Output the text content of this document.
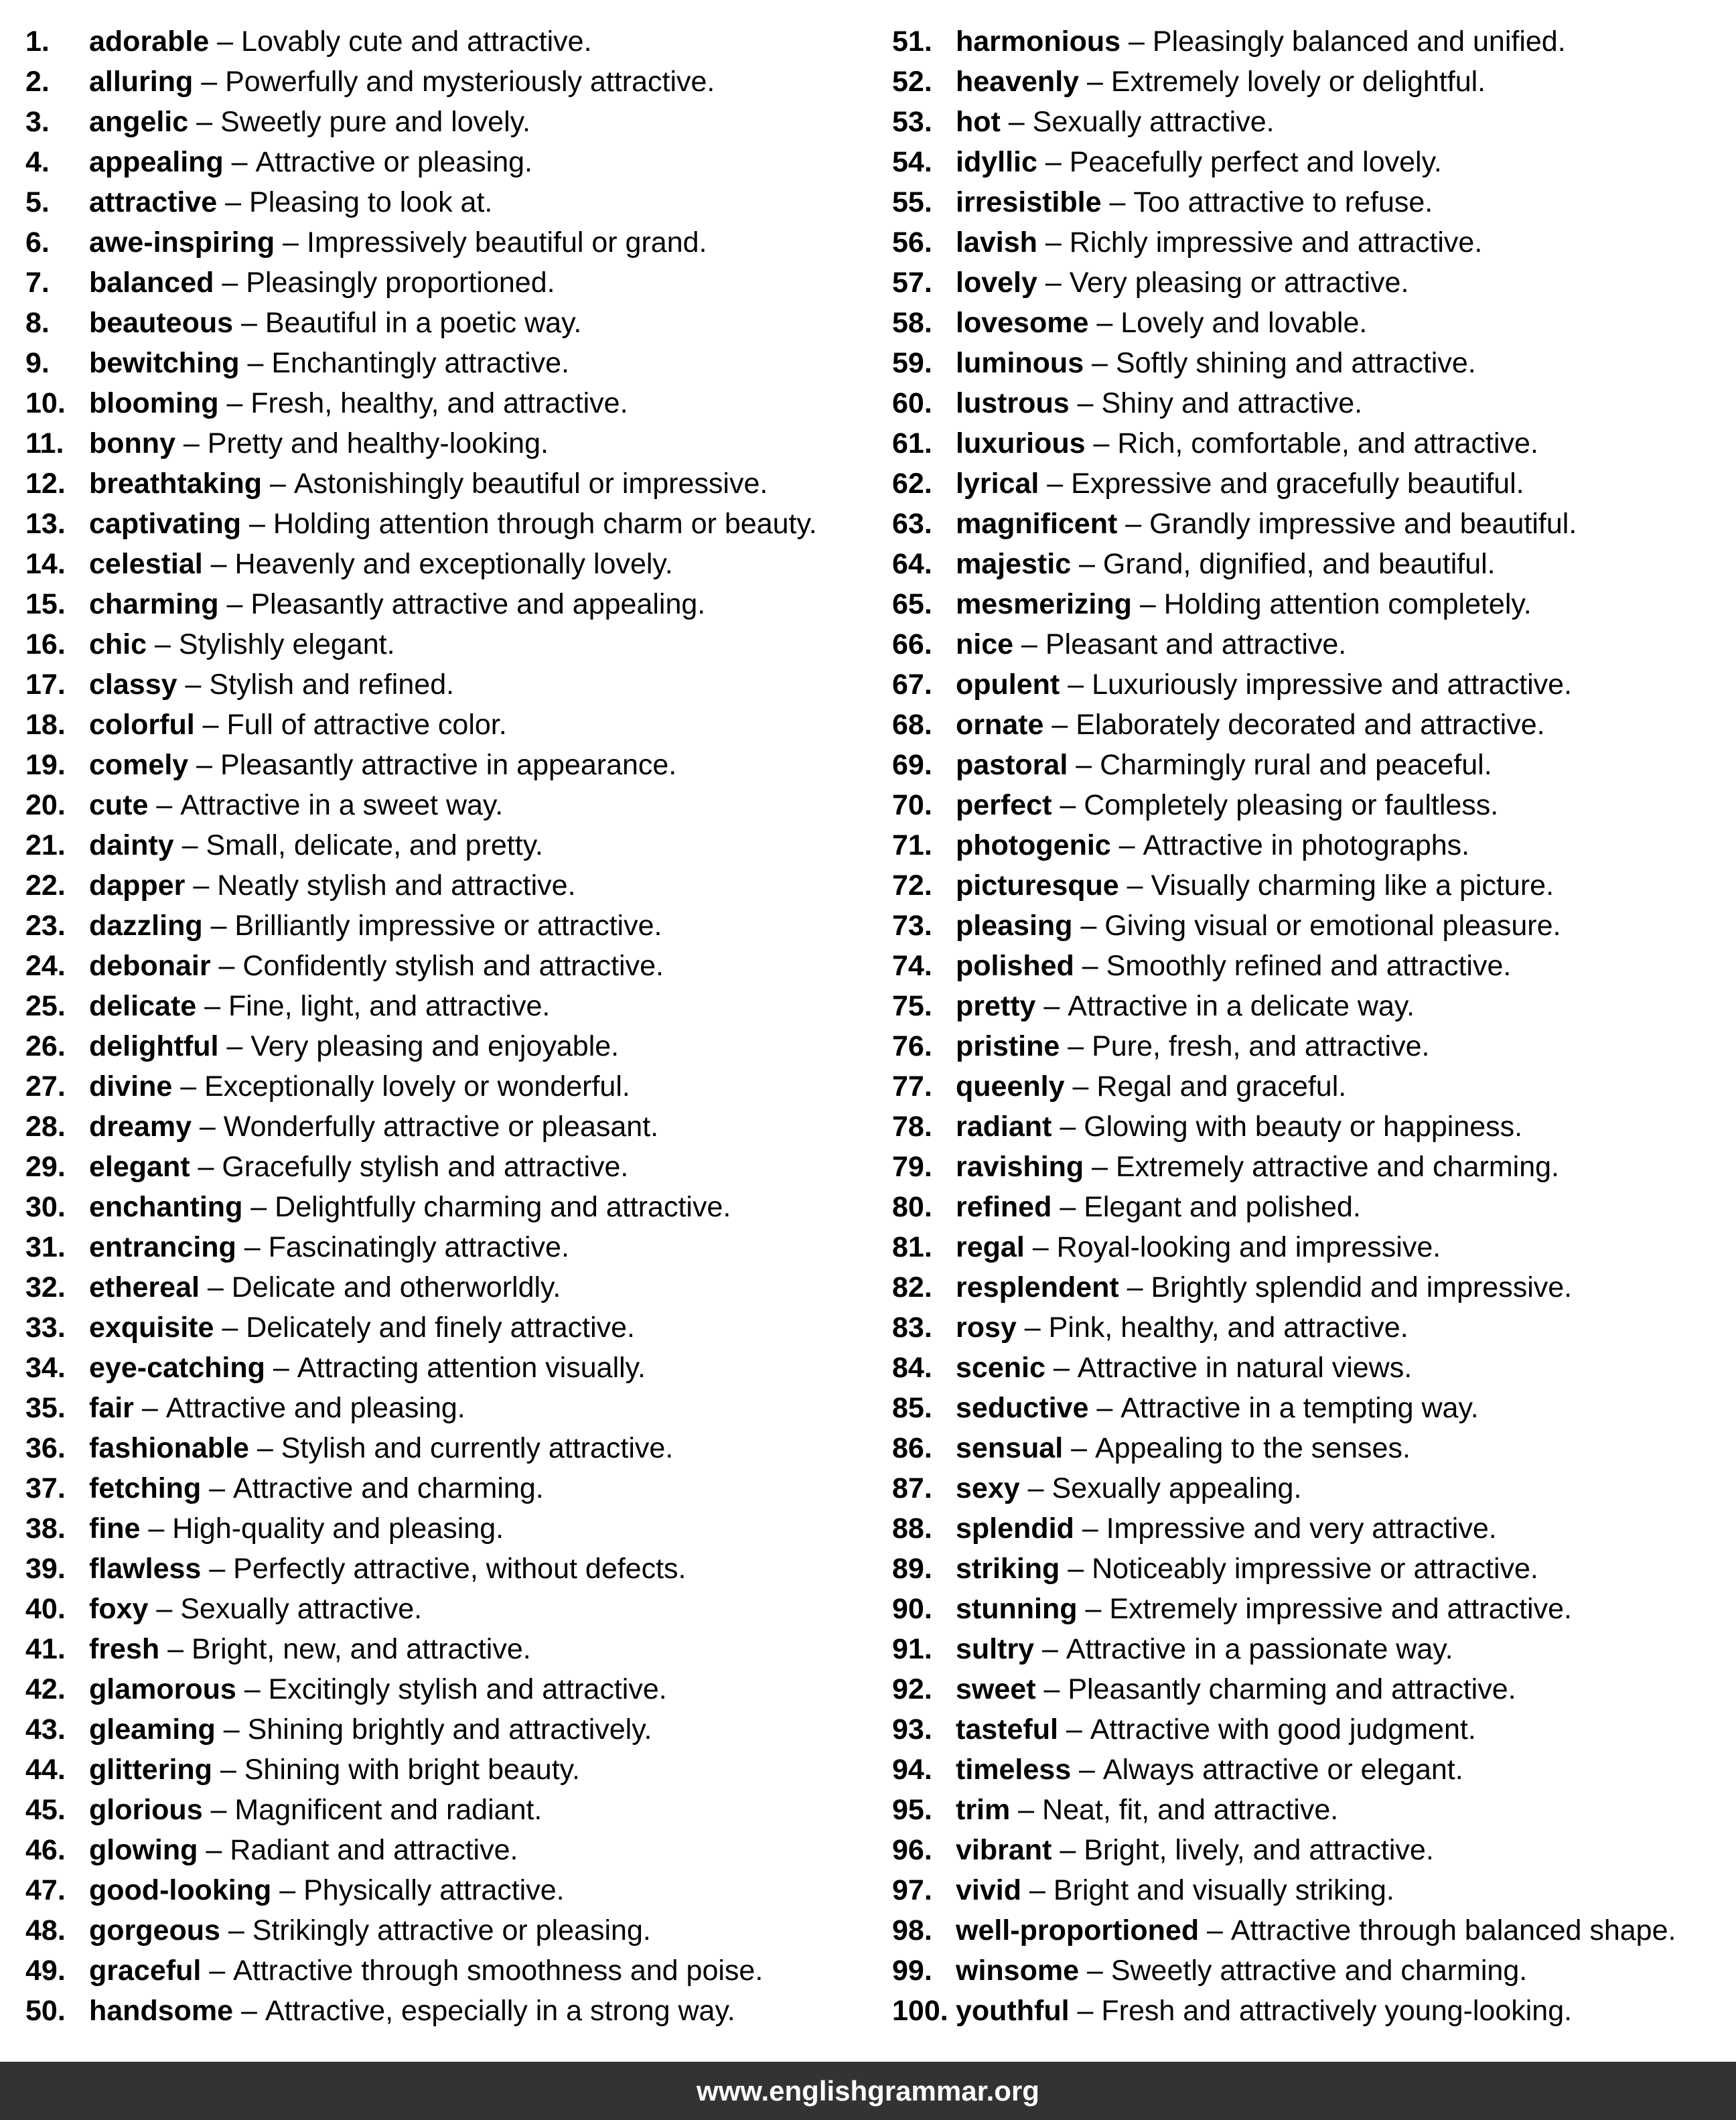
1.	adorable – Lovably cute and attractive.
2.	alluring – Powerfully and mysteriously attractive.
3.	angelic – Sweetly pure and lovely.
4.	appealing – Attractive or pleasing.
5.	attractive – Pleasing to look at.
6.	awe-inspiring – Impressively beautiful or grand.
7.	balanced – Pleasingly proportioned.
8.	beauteous – Beautiful in a poetic way.
9.	bewitching – Enchantingly attractive.
10. blooming – Fresh, healthy, and attractive.
11. bonny – Pretty and healthy-looking.
12. breathtaking – Astonishingly beautiful or impressive.
13. captivating – Holding attention through charm or beauty.
14. celestial – Heavenly and exceptionally lovely.
15. charming – Pleasantly attractive and appealing.
16. chic – Stylishly elegant.
17. classy – Stylish and refined.
18. colorful – Full of attractive color.
19. comely – Pleasantly attractive in appearance.
20. cute – Attractive in a sweet way.
21. dainty – Small, delicate, and pretty.
22. dapper – Neatly stylish and attractive.
23. dazzling – Brilliantly impressive or attractive.
24. debonair – Confidently stylish and attractive.
25. delicate – Fine, light, and attractive.
26. delightful – Very pleasing and enjoyable.
27. divine – Exceptionally lovely or wonderful.
28. dreamy – Wonderfully attractive or pleasant.
29. elegant – Gracefully stylish and attractive.
30. enchanting – Delightfully charming and attractive.
31. entrancing – Fascinatingly attractive.
32. ethereal – Delicate and otherworldly.
33. exquisite – Delicately and finely attractive.
34. eye-catching – Attracting attention visually.
35. fair – Attractive and pleasing.
36. fashionable – Stylish and currently attractive.
37. fetching – Attractive and charming.
38. fine – High-quality and pleasing.
39. flawless – Perfectly attractive, without defects.
40. foxy – Sexually attractive.
41. fresh – Bright, new, and attractive.
42. glamorous – Excitingly stylish and attractive.
43. gleaming – Shining brightly and attractively.
44. glittering – Shining with bright beauty.
45. glorious – Magnificent and radiant.
46. glowing – Radiant and attractive.
47. good-looking – Physically attractive.
48. gorgeous – Strikingly attractive or pleasing.
49. graceful – Attractive through smoothness and poise.
50. handsome – Attractive, especially in a strong way.
51. harmonious – Pleasingly balanced and unified.
52. heavenly – Extremely lovely or delightful.
53. hot – Sexually attractive.
54. idyllic – Peacefully perfect and lovely.
55. irresistible – Too attractive to refuse.
56. lavish – Richly impressive and attractive.
57. lovely – Very pleasing or attractive.
58. lovesome – Lovely and lovable.
59. luminous – Softly shining and attractive.
60. lustrous – Shiny and attractive.
61. luxurious – Rich, comfortable, and attractive.
62. lyrical – Expressive and gracefully beautiful.
63. magnificent – Grandly impressive and beautiful.
64. majestic – Grand, dignified, and beautiful.
65. mesmerizing – Holding attention completely.
66. nice – Pleasant and attractive.
67. opulent – Luxuriously impressive and attractive.
68. ornate – Elaborately decorated and attractive.
69. pastoral – Charmingly rural and peaceful.
70. perfect – Completely pleasing or faultless.
71. photogenic – Attractive in photographs.
72. picturesque – Visually charming like a picture.
73. pleasing – Giving visual or emotional pleasure.
74. polished – Smoothly refined and attractive.
75. pretty – Attractive in a delicate way.
76. pristine – Pure, fresh, and attractive.
77. queenly – Regal and graceful.
78. radiant – Glowing with beauty or happiness.
79. ravishing – Extremely attractive and charming.
80. refined – Elegant and polished.
81. regal – Royal-looking and impressive.
82. resplendent – Brightly splendid and impressive.
83. rosy – Pink, healthy, and attractive.
84. scenic – Attractive in natural views.
85. seductive – Attractive in a tempting way.
86. sensual – Appealing to the senses.
87. sexy – Sexually appealing.
88. splendid – Impressive and very attractive.
89. striking – Noticeably impressive or attractive.
90. stunning – Extremely impressive and attractive.
91. sultry – Attractive in a passionate way.
92. sweet – Pleasantly charming and attractive.
93. tasteful – Attractive with good judgment.
94. timeless – Always attractive or elegant.
95. trim – Neat, fit, and attractive.
96. vibrant – Bright, lively, and attractive.
97. vivid – Bright and visually striking.
98. well-proportioned – Attractive through balanced shape.
99. winsome – Sweetly attractive and charming.
100. youthful – Fresh and attractively young-looking.
www.englishgrammar.org
